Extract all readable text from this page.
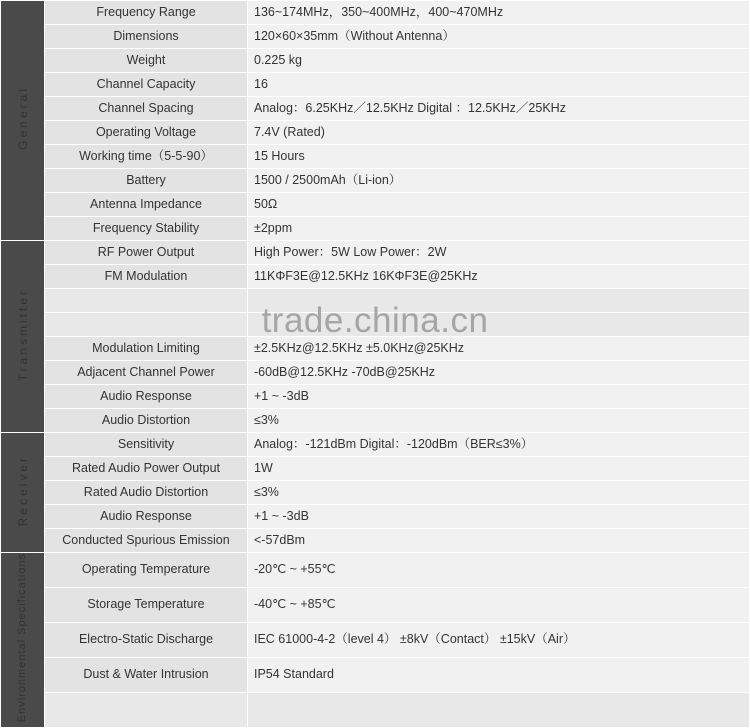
General	Frequency Range	136~174MHz，350~400MHz，400~470MHz
	Dimensions	120×60×35mm（Without Antenna）
	Weight	0.225 kg
	Channel Capacity	16
	Channel Spacing	Analog：6.25KHz／12.5KHz Digital ：12.5KHz／25KHz
	Operating Voltage	7.4V (Rated)
	Working time（5-5-90）	15 Hours
	Battery	1500 / 2500mAh（Li-ion）
	Antenna Impedance	50Ω
	Frequency Stability	±2ppm
Transmitter	RF Power Output	High Power：5W Low Power：2W
	FM Modulation	11KΦF3E@12.5KHz 16KΦF3E@25KHz

	Modulation Limiting	±2.5KHz@12.5KHz ±5.0KHz@25KHz
	Adjacent Channel Power	-60dB@12.5KHz -70dB@25KHz
	Audio Response	+1 ~ -3dB
	Audio Distortion	≤3%
Receiver	Sensitivity	Analog：-121dBm Digital：-120dBm（BER≤3%）
	Rated Audio Power Output	1W
	Rated Audio Distortion	≤3%
	Audio Response	+1 ~ -3dB
	Conducted Spurious Emission	<-57dBm
Environmental Specifications	Operating Temperature	-20℃ ~ +55℃
	Storage Temperature	-40℃ ~ +85℃
	Electro-Static Discharge	IEC 61000-4-2（level 4） ±8kV（Contact） ±15kV（Air）
	Dust & Water Intrusion	IP54 Standard

trade.china.cn
